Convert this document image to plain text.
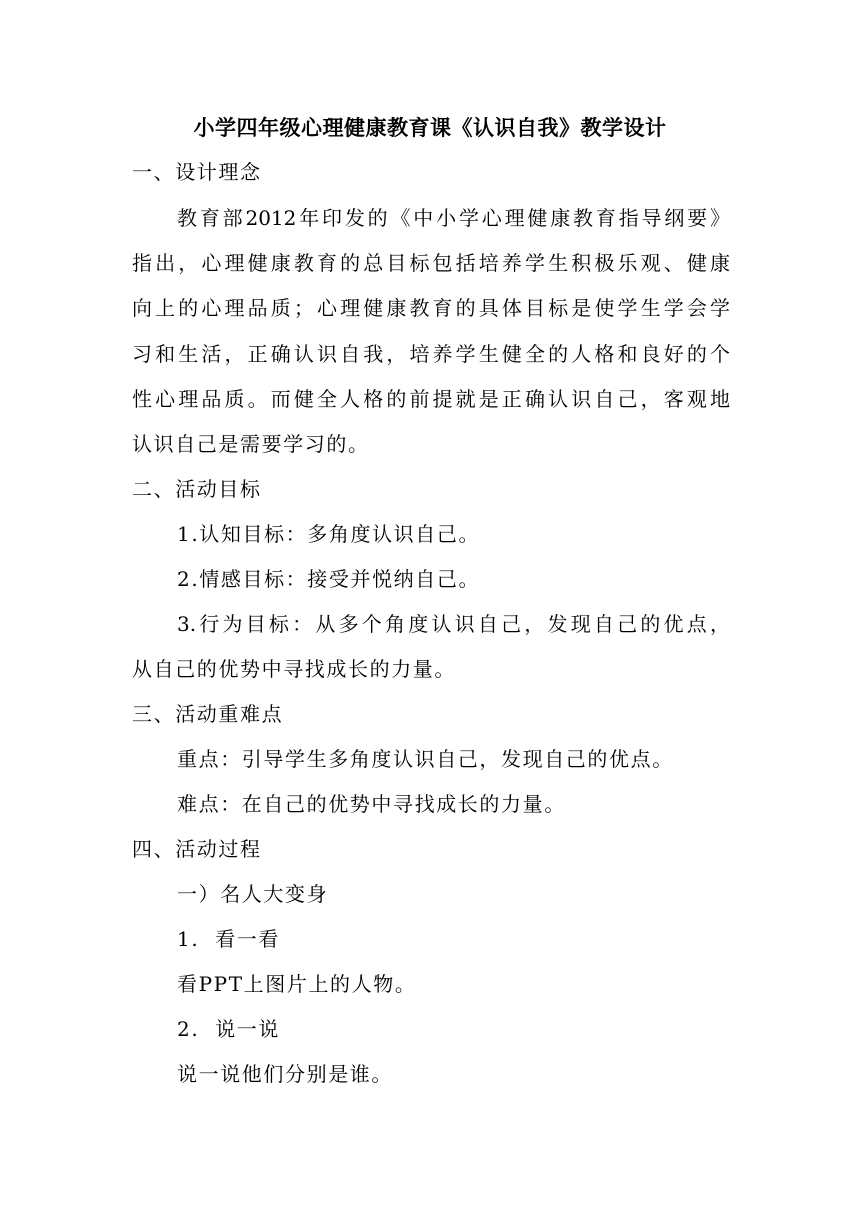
小学四年级心理健康教育课《认识自我》教学设计
一、设计理念
教育部2012年印发的《中小学心理健康教育指导纲要》
指出，心理健康教育的总目标包括培养学生积极乐观、健康
向上的心理品质；心理健康教育的具体目标是使学生学会学
习和生活，正确认识自我，培养学生健全的人格和良好的个
性心理品质。而健全人格的前提就是正确认识自己，客观地
认识自己是需要学习的。
二、活动目标
1.认知目标：多角度认识自己。
2.情感目标：接受并悦纳自己。
3.行为目标：从多个角度认识自己，发现自己的优点，
从自己的优势中寻找成长的力量。
三、活动重难点
重点：引导学生多角度认识自己，发现自己的优点。
难点：在自己的优势中寻找成长的力量。
四、活动过程
一）名人大变身
1.  看一看
看PPT上图片上的人物。
2.  说一说
说一说他们分别是谁。
